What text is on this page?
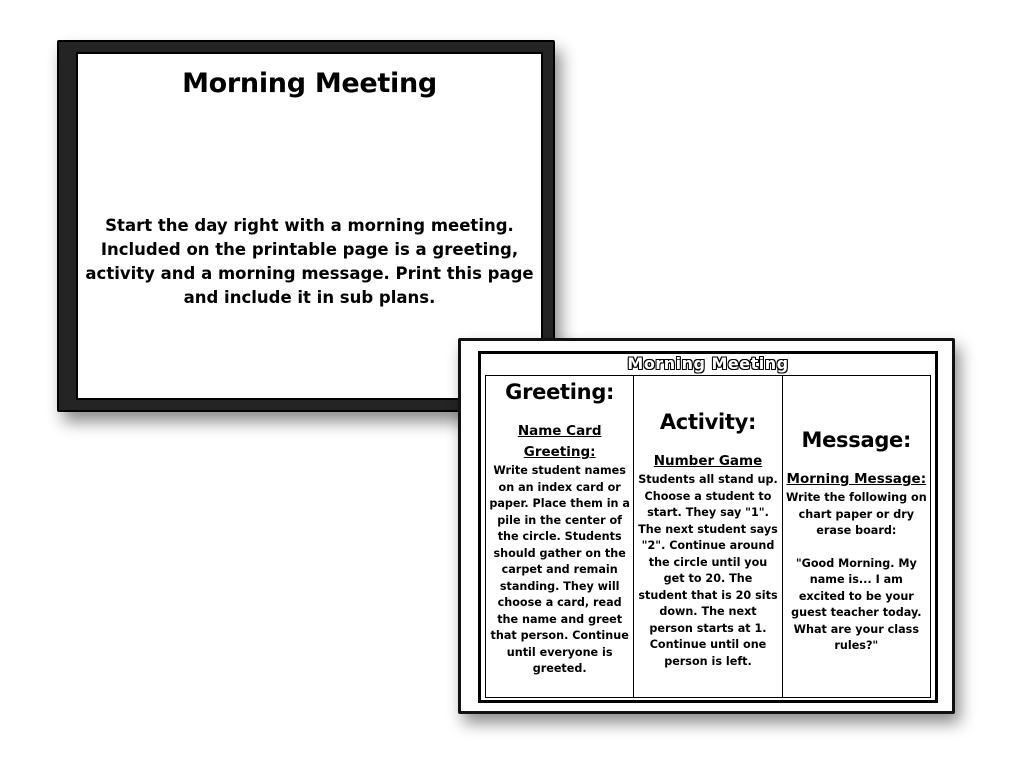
Morning Meeting
Start the day right with a morning meeting. Included on the printable page is a greeting, activity and a morning message. Print this page and include it in sub plans.
Morning Meeting
Greeting:
Name Card Greeting:

Write student names on an index card or paper. Place them in a pile in the center of the circle. Students should gather on the carpet and remain standing. They will choose a card, read the name and greet that person. Continue until everyone is greeted.

Activity:
Number Game

Students all stand up. Choose a student to start. They say "1". The next student says "2". Continue around the circle until you get to 20. The student that is 20 sits down. The next person starts at 1. Continue until one person is left.

Message:
Morning Message:

Write the following on chart paper or dry erase board:

"Good Morning. My name is... I am excited to be your guest teacher today. What are your class rules?"
